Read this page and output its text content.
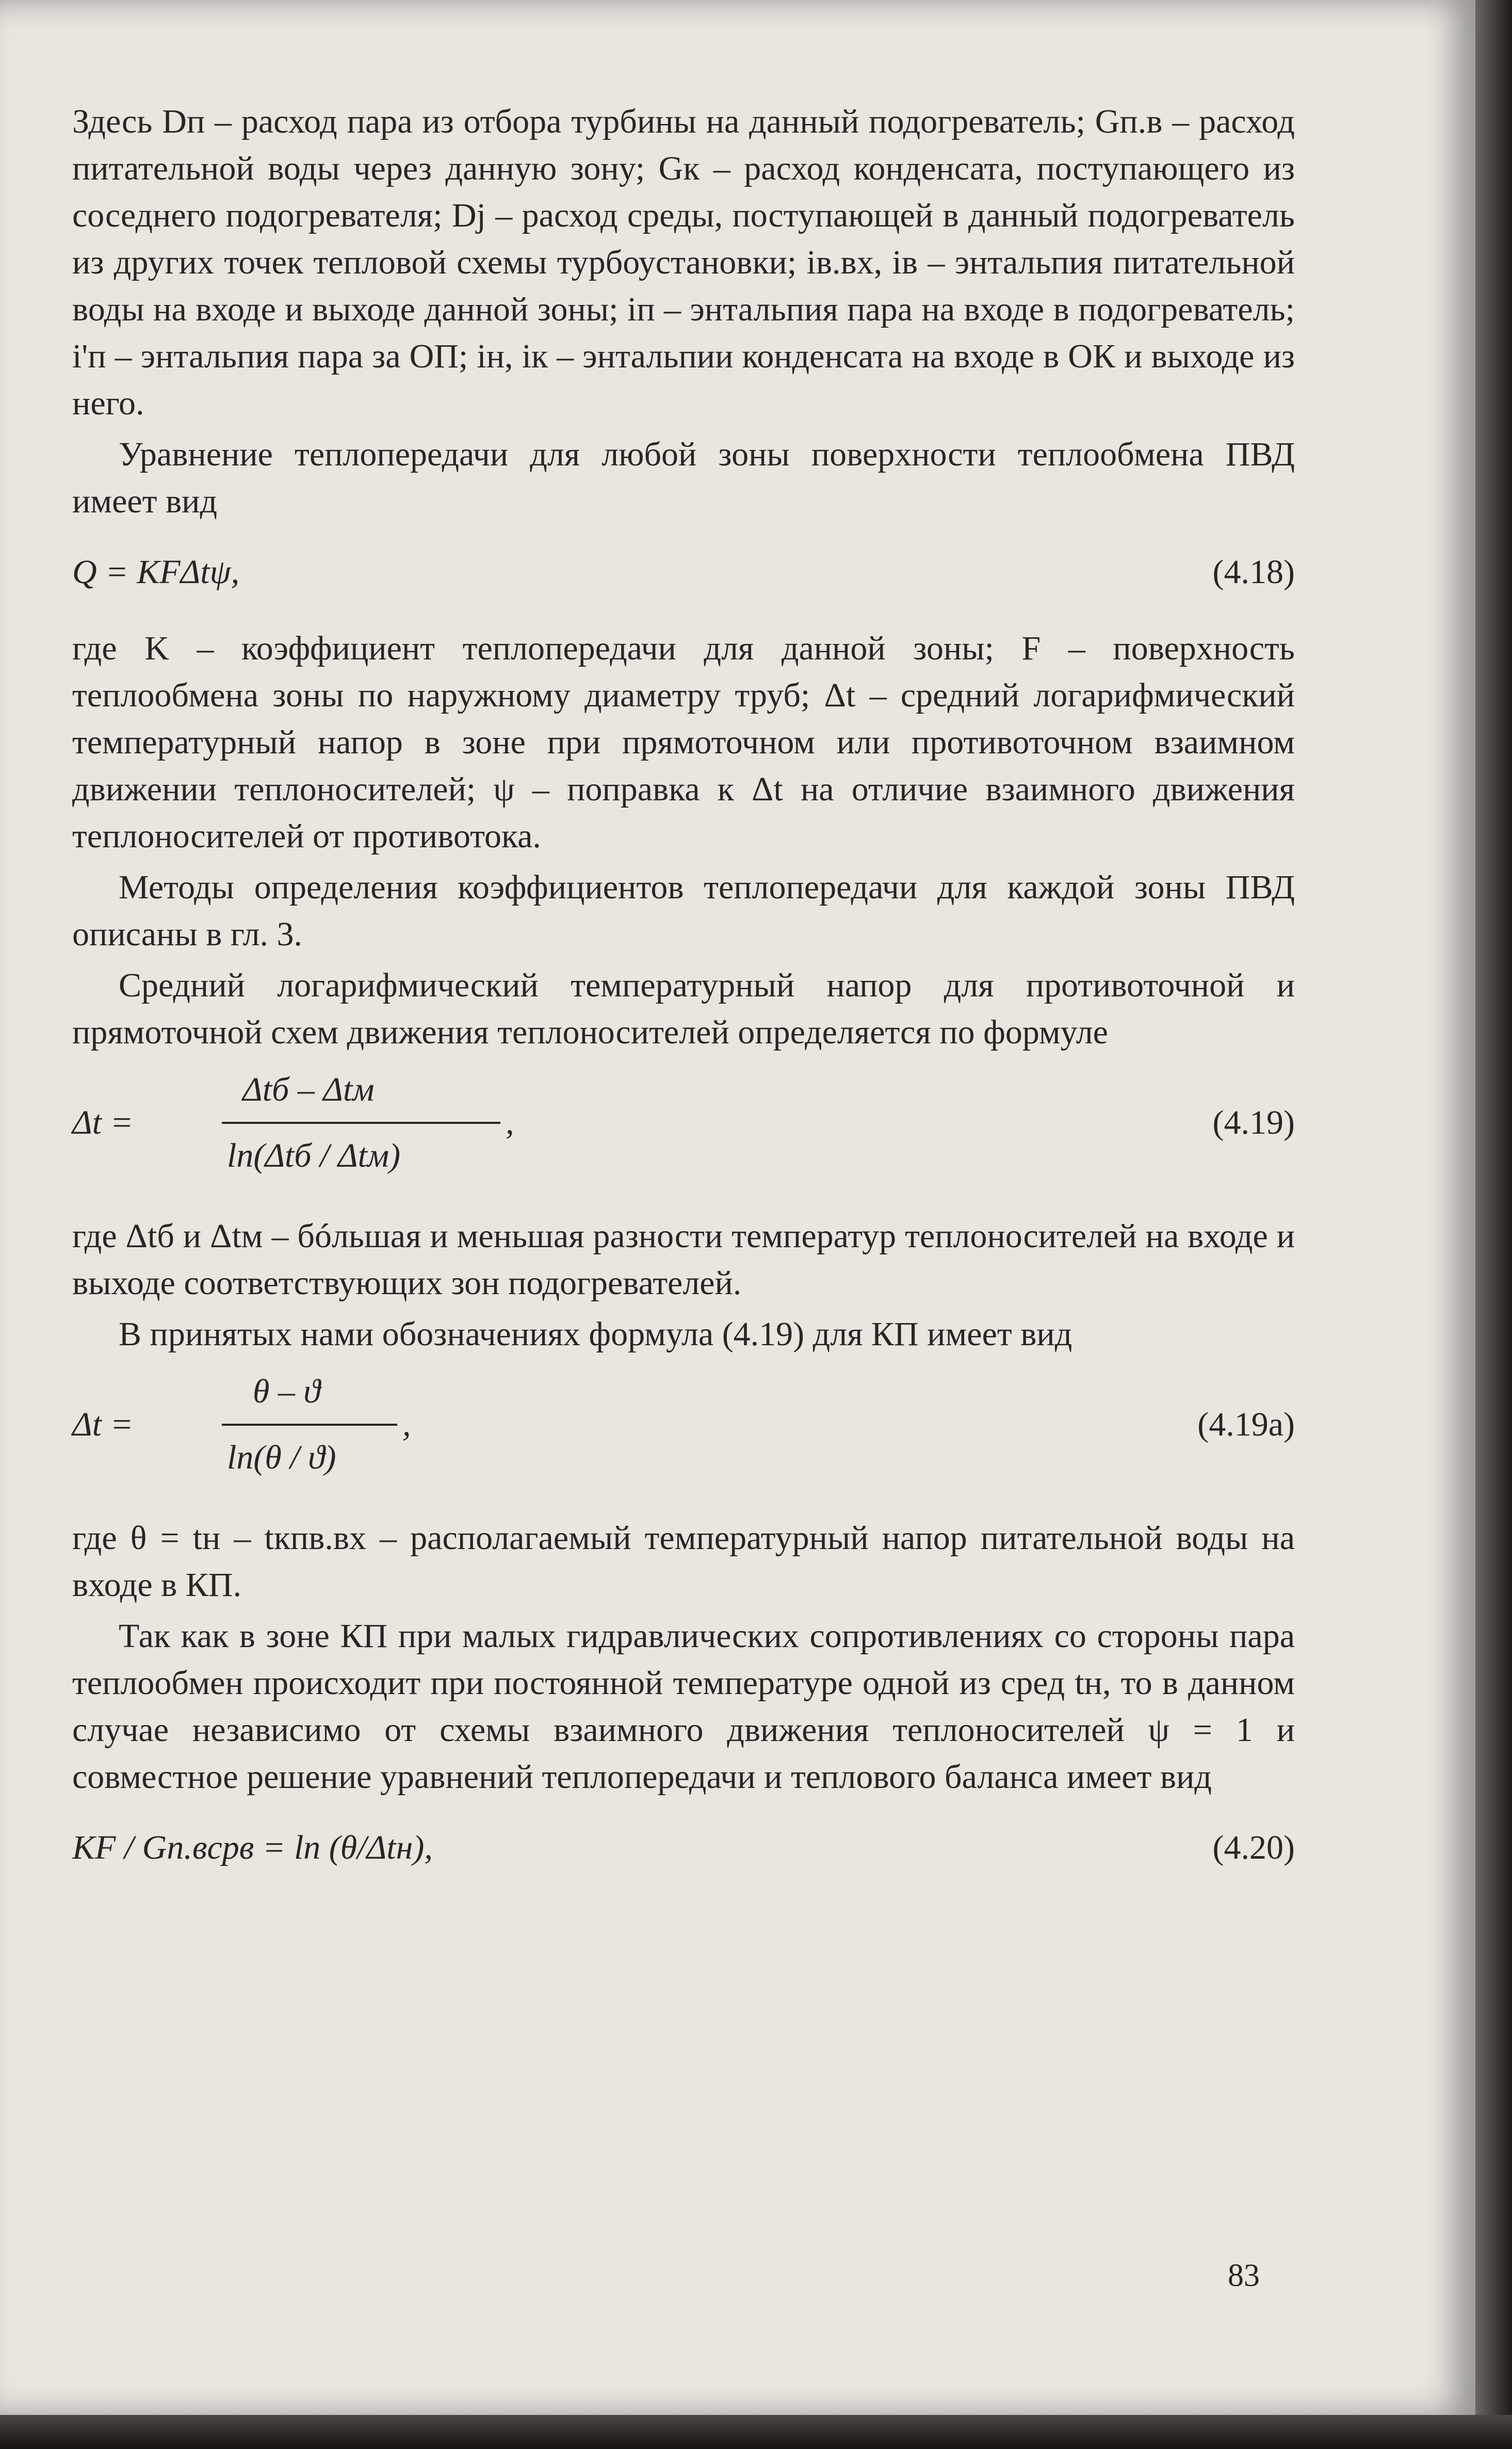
Здесь Dп – расход пара из отбора турбины на данный подогреватель; Gп.в – расход питательной воды через данную зону; Gк – расход конденсата, поступающего из соседнего подогревателя; Dj – расход среды, поступающей в данный подогреватель из других точек тепловой схемы турбоустановки; iв.вх, iв – энтальпия питательной воды на входе и выходе данной зоны; iп – энтальпия пара на входе в подогреватель; i'п – энтальпия пара за ОП; iн, iк – энтальпии конденсата на входе в ОК и выходе из него.

Уравнение теплопередачи для любой зоны поверхности теплообмена ПВД имеет вид

Q = KFΔtψ,	(4.18)

где K – коэффициент теплопередачи для данной зоны; F – поверхность теплообмена зоны по наружному диаметру труб; Δt – средний логарифмический температурный напор в зоне при прямоточном или противоточном взаимном движении теплоносителей; ψ – поправка к Δt на отличие взаимного движения теплоносителей от противотока.

Методы определения коэффициентов теплопередачи для каждой зоны ПВД описаны в гл. 3.

Средний логарифмический температурный напор для противоточной и прямоточной схем движения теплоносителей определяется по формуле

Δt =
Δtб – Δtм
ln(Δtб / Δtм)
,	(4.19)

где Δtб и Δtм – бóльшая и меньшая разности температур теплоносителей на входе и выходе соответствующих зон подогревателей.

В принятых нами обозначениях формула (4.19) для КП имеет вид

Δt =
θ – ϑ
ln(θ / ϑ)
,	(4.19a)

где θ = tн – tкпв.вх – располагаемый температурный напор питательной воды на входе в КП.

Так как в зоне КП при малых гидравлических сопротивлениях со стороны пара теплообмен происходит при постоянной температуре одной из сред tн, то в данном случае независимо от схемы взаимного движения теплоносителей ψ = 1 и совместное решение уравнений теплопередачи и теплового баланса имеет вид

KF / Gп.вcpв = ln (θ/Δtн),	(4.20)
83
